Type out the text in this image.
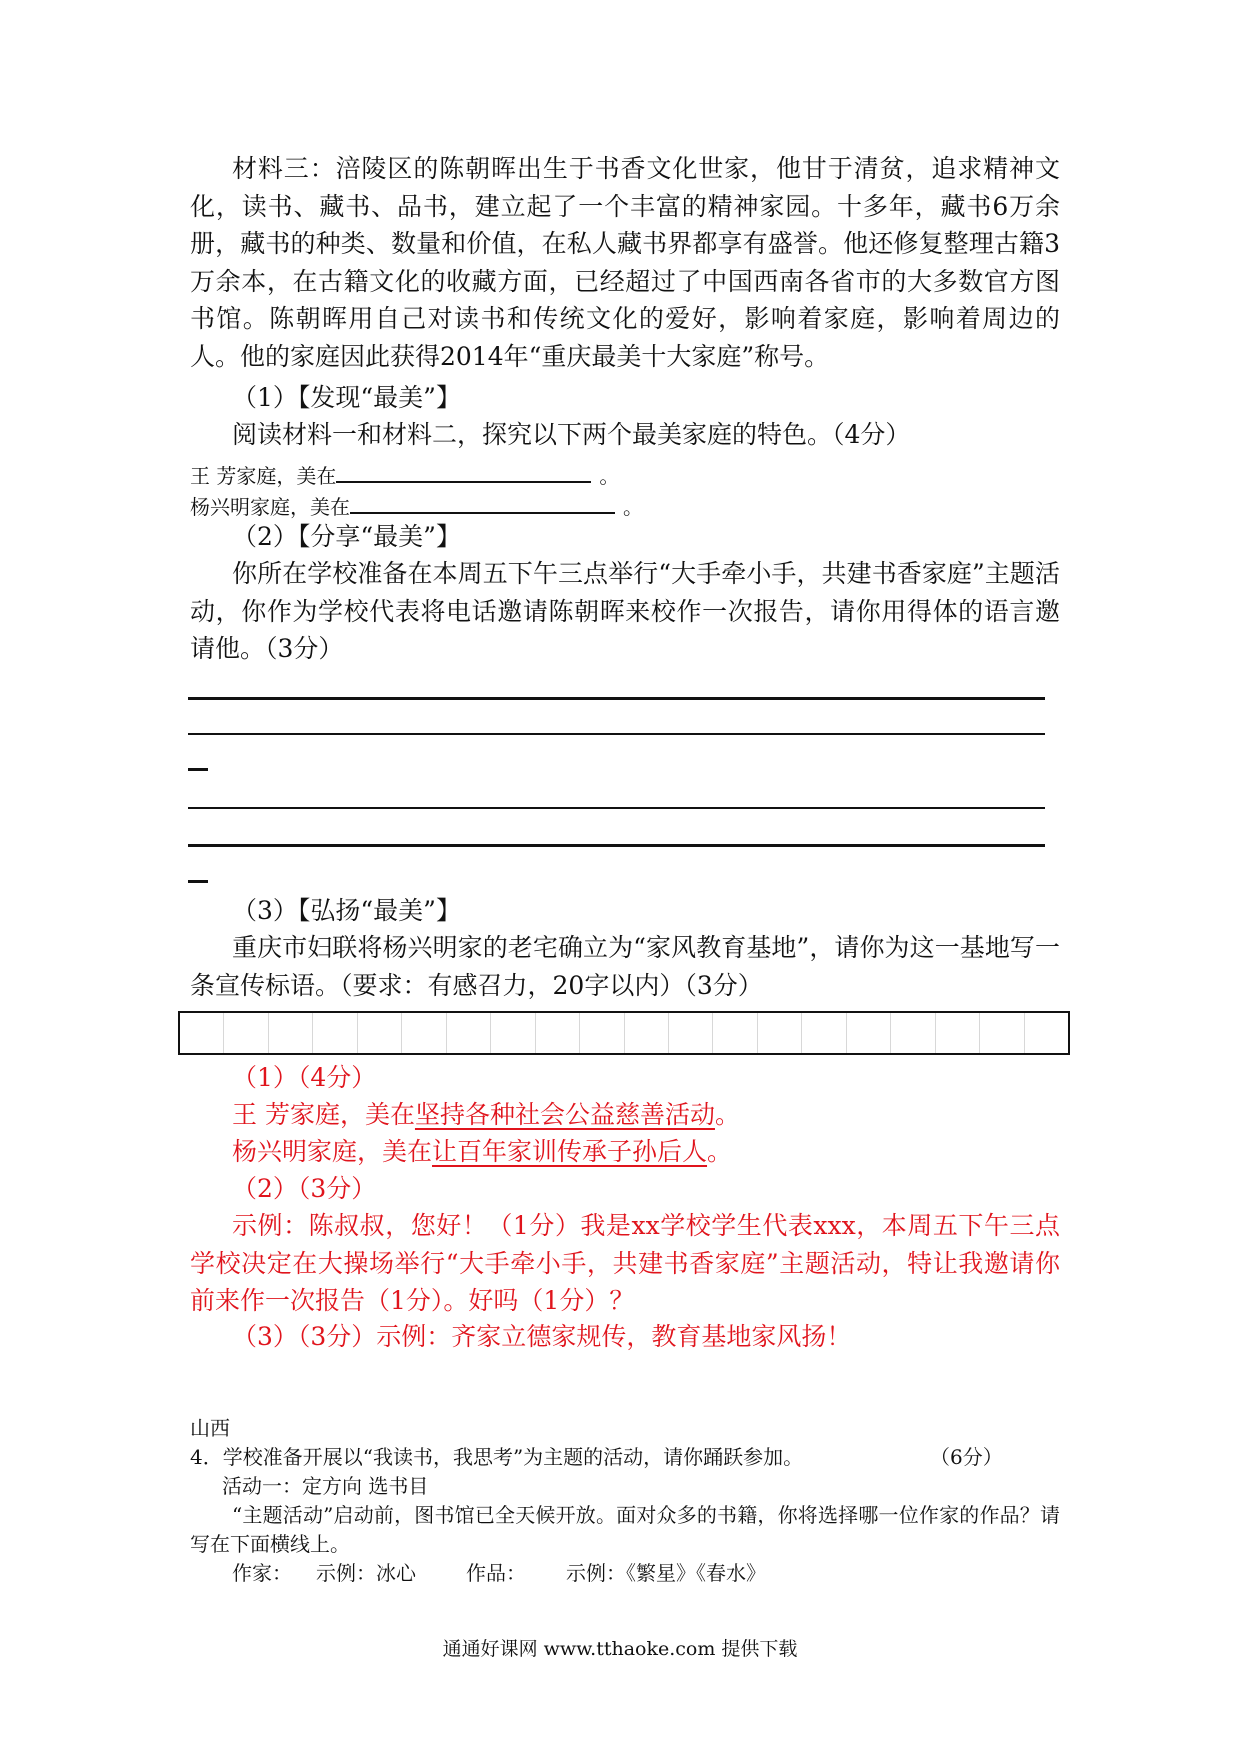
材料三：涪陵区的陈朝晖出生于书香文化世家，他甘于清贫，追求精神文化，读书、藏书、品书，建立起了一个丰富的精神家园。十多年，藏书6万余册，藏书的种类、数量和价值，在私人藏书界都享有盛誉。他还修复整理古籍3万余本，在古籍文化的收藏方面，已经超过了中国西南各省市的大多数官方图书馆。陈朝晖用自己对读书和传统文化的爱好，影响着家庭，影响着周边的人。他的家庭因此获得2014年“重庆最美十大家庭”称号。

（1）【发现“最美”】
阅读材料一和材料二，探究以下两个最美家庭的特色。（4分）
王 芳家庭，美在	。
杨兴明家庭，美在	。
（2）【分享“最美”】

你所在学校准备在本周五下午三点举行“大手牵小手，共建书香家庭”主题活动，你作为学校代表将电话邀请陈朝晖来校作一次报告，请你用得体的语言邀请他。（3分）

（3）【弘扬“最美”】

重庆市妇联将杨兴明家的老宅确立为“家风教育基地”，请你为这一基地写一条宣传标语。（要求：有感召力，20字以内）（3分）

（1）（4分）
王 芳家庭，美在坚持各种社会公益慈善活动。
杨兴明家庭，美在让百年家训传承子孙后人。
（2）（3分）

示例：陈叔叔，您好！（1分）我是xx学校学生代表xxx，本周五下午三点学校决定在大操场举行“大手牵小手，共建书香家庭”主题活动，特让我邀请你前来作一次报告（1分）。好吗（1分）？

（3）（3分）示例：齐家立德家规传，教育基地家风扬！
山西
4．学校准备开展以“我读书，我思考”为主题的活动，请你踊跃参加。	（6分）
活动一：定方向 选书目

“主题活动”启动前，图书馆已全天候开放。面对众多的书籍，你将选择哪一位作家的作品？请写在下面横线上。

作家： 示例：冰心	作品： 示例：《繁星》《春水》
通通好课网 www.tthaoke.com 提供下载
